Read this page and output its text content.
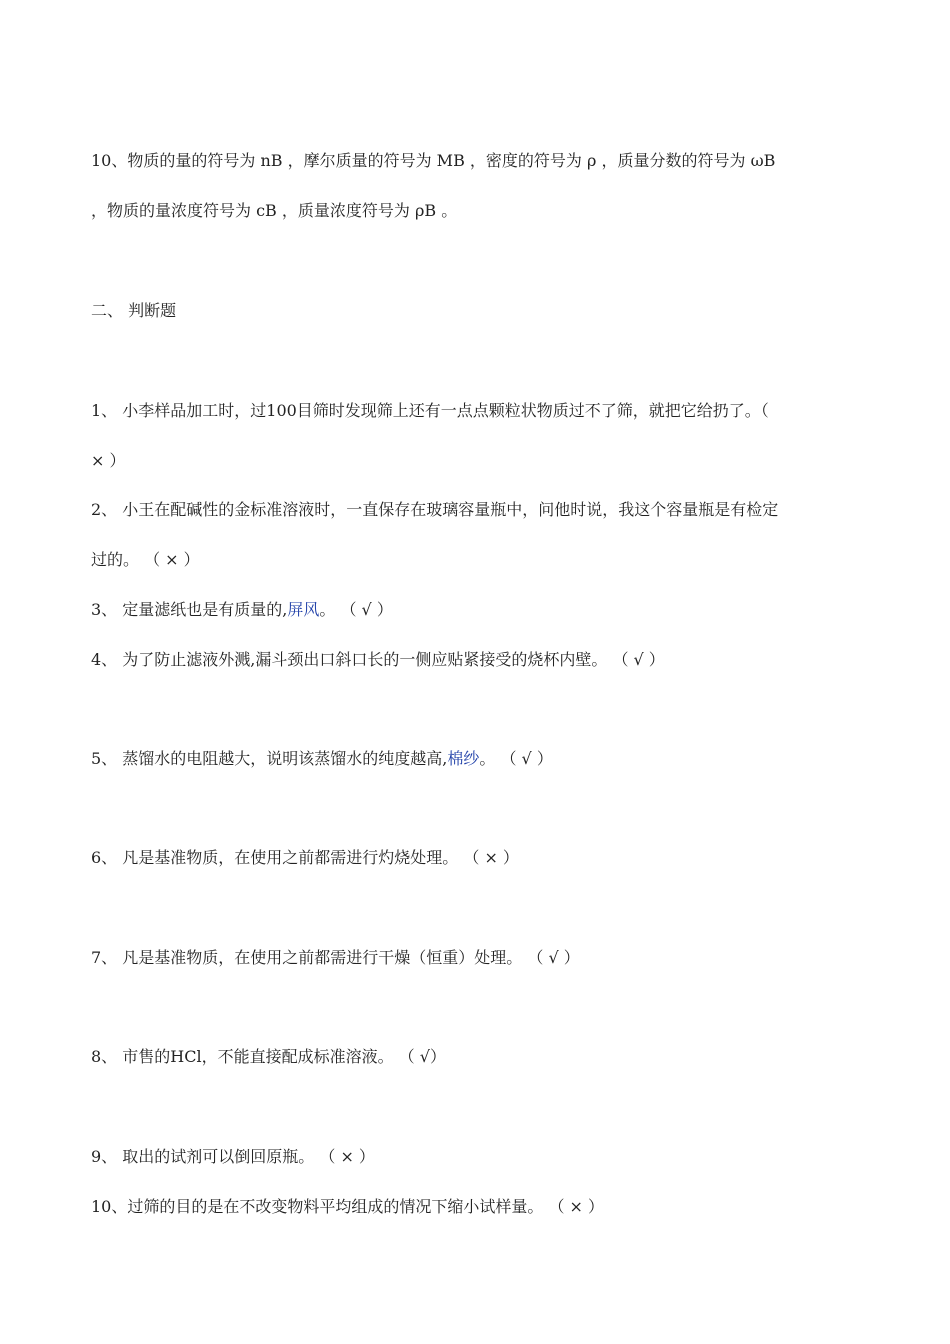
10、物质的量的符号为 nB ，摩尔质量的符号为 MB ，密度的符号为 ρ ，质量分数的符号为 ωB
，物质的量浓度符号为 cB ，质量浓度符号为 ρB 。
二、 判断题
1、 小李样品加工时，过100目筛时发现筛上还有一点点颗粒状物质过不了筛，就把它给扔了。（
× ）
2、 小王在配碱性的金标准溶液时，一直保存在玻璃容量瓶中，问他时说，我这个容量瓶是有检定
过的。 （ × ）
3、 定量滤纸也是有质量的,屏风。 （ √ ）
4、 为了防止滤液外溅,漏斗颈出口斜口长的一侧应贴紧接受的烧杯内壁。 （ √ ）
5、 蒸馏水的电阻越大，说明该蒸馏水的纯度越高,棉纱。 （ √ ）
6、 凡是基准物质，在使用之前都需进行灼烧处理。 （ × ）
7、 凡是基准物质，在使用之前都需进行干燥（恒重）处理。 （ √ ）
8、 市售的HCl，不能直接配成标准溶液。 （ √）
9、 取出的试剂可以倒回原瓶。 （ × ）
10、过筛的目的是在不改变物料平均组成的情况下缩小试样量。 （ × ）
